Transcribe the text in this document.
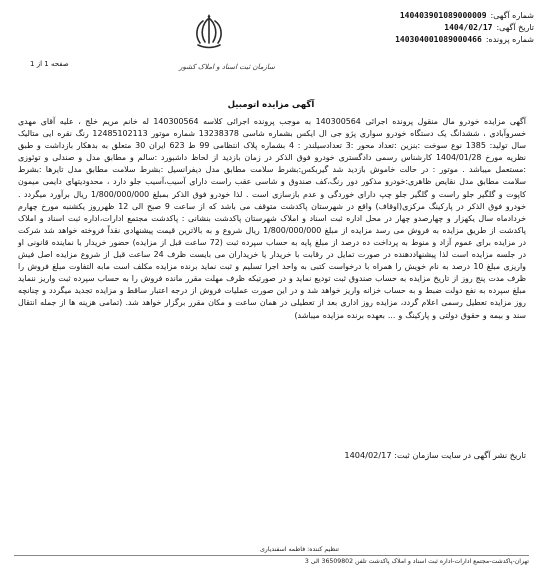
شماره آگهی:
140403901089000009
تاریخ آگهی:
1404/02/17
شماره پرونده:
140304001089000466
سازمان ثبت اسناد و املاک کشور
صفحه 1 از 1
آگهی مزایده اتومبیل
آگهی مزایده خودرو مال منقول پرونده اجرائی 140300564 به موجب پرونده اجرائی کلاسه 140300564 له خانم مریم خلج ، علیه آقای مهدی خسروآبادی ، ششدانگ یک دستگاه خودرو سواری پژو جی ال ایکس بشماره شاسی 13238378 شماره موتور 12485102113 رنگ نقره ایی متالیک سال تولید: 1385 نوع سوخت :بنزین :تعداد محور :3 تعدادسیلندر : 4 بشماره پلاک انتظامی 99 ط 623 ایران 30 متعلق به بدهکار بازداشت و طبق نظریه مورخ 1404/01/28 کارشناس رسمی دادگستری خودرو فوق الذکر در زمان بازدید از لحاظ داشبورد :سالم و مطابق مدل و صندلی و توئوزی :مستعمل میباشد . موتور : در حالت خاموش بازدید شد گیربکس:بشرط سلامت مطابق مدل دیفرانسیل :بشرط سلامت مطابق مدل تایرها :بشرط سلامت مطابق مدل نقایص ظاهری:خودرو مذکور دور رنگ،کف صندوق و شاسی عقب راست دارای آسیب،آسیب جلو دارد ، محدودیتهای دایمی میمون کاپوت و گلگیر جلو راست و گلگیر جلو چپ دارای خوردگی و عدم بازسازی است . لذا خودرو فوق الذکر بمبلغ 1/800/000/000 ریال برآورد میگردد . خودرو فوق الذکر در پارکینگ مرکزی(اوقاف) واقع در شهرستان پاکدشت متوقف می باشد که از ساعت 9 صبح الی 12 ظهرروز یکشنبه مورخ چهارم خردادماه سال یکهزار و چهارصدو چهار در محل اداره ثبت اسناد و املاک شهرستان پاکدشت بنشانی : پاکدشت مجتمع ادارات،اداره ثبت اسناد و املاک پاکدشت از طریق مزایده به فروش می رسد مزایده از مبلغ 1/800/000/000 ریال شروع و به بالاترین قیمت پیشنهادی نقداً فروخته خواهد شد شرکت در مزایده برای عموم آزاد و منوط به پرداخت ده درصد از مبلغ پایه به حساب سپرده ثبت (72 ساعت قبل از مزایده) حضور خریدار با نماینده قانونی او در جلسه مزایده است لذا پیشنهاددهنده در صورت تمایل در رقابت با خریدار یا خریداران می بایست ظرف 24 ساعت قبل از شروع مزایده اصل فیش واریزی مبلغ 10 درصد به نام خویش را همراه با درخواست کتبی به واحد اجرا تسلیم و ثبت نماید برنده مزایده مکلف است مابه التفاوت مبلغ فروش را ظرف مدت پنج روز از تاریخ مزایده به حساب صندوق ثبت تودیع نماید و در صورتیکه ظرف مهلت مقرر مانده فروش را به حساب سپرده ثبت واریز ننماید مبلغ سپرده به نفع دولت ضبط و به حساب خزانه واریز خواهد شد و در این صورت عملیات فروش از درجه اعتبار ساقط و مزایده تجدید میگردد و چنانچه روز مزایده تعطیل رسمی اعلام گردد، مزایده روز اداری بعد از تعطیلی در همان ساعت و مکان مقرر برگزار خواهد شد. (تمامی هزینه ها از جمله انتقال سند و بیمه و حقوق دولتی و پارکینگ و ... بعهده برنده مزایده میباشد)
تاریخ نشر آگهی در سایت سازمان ثبت: 1404/02/17
تنظیم کننده: فاطمه اسفندیاری
تهران-پاکدشت-مجتمع ادارات-اداره ثبت اسناد و املاک پاکدشت تلفن 36509802 الی 3
